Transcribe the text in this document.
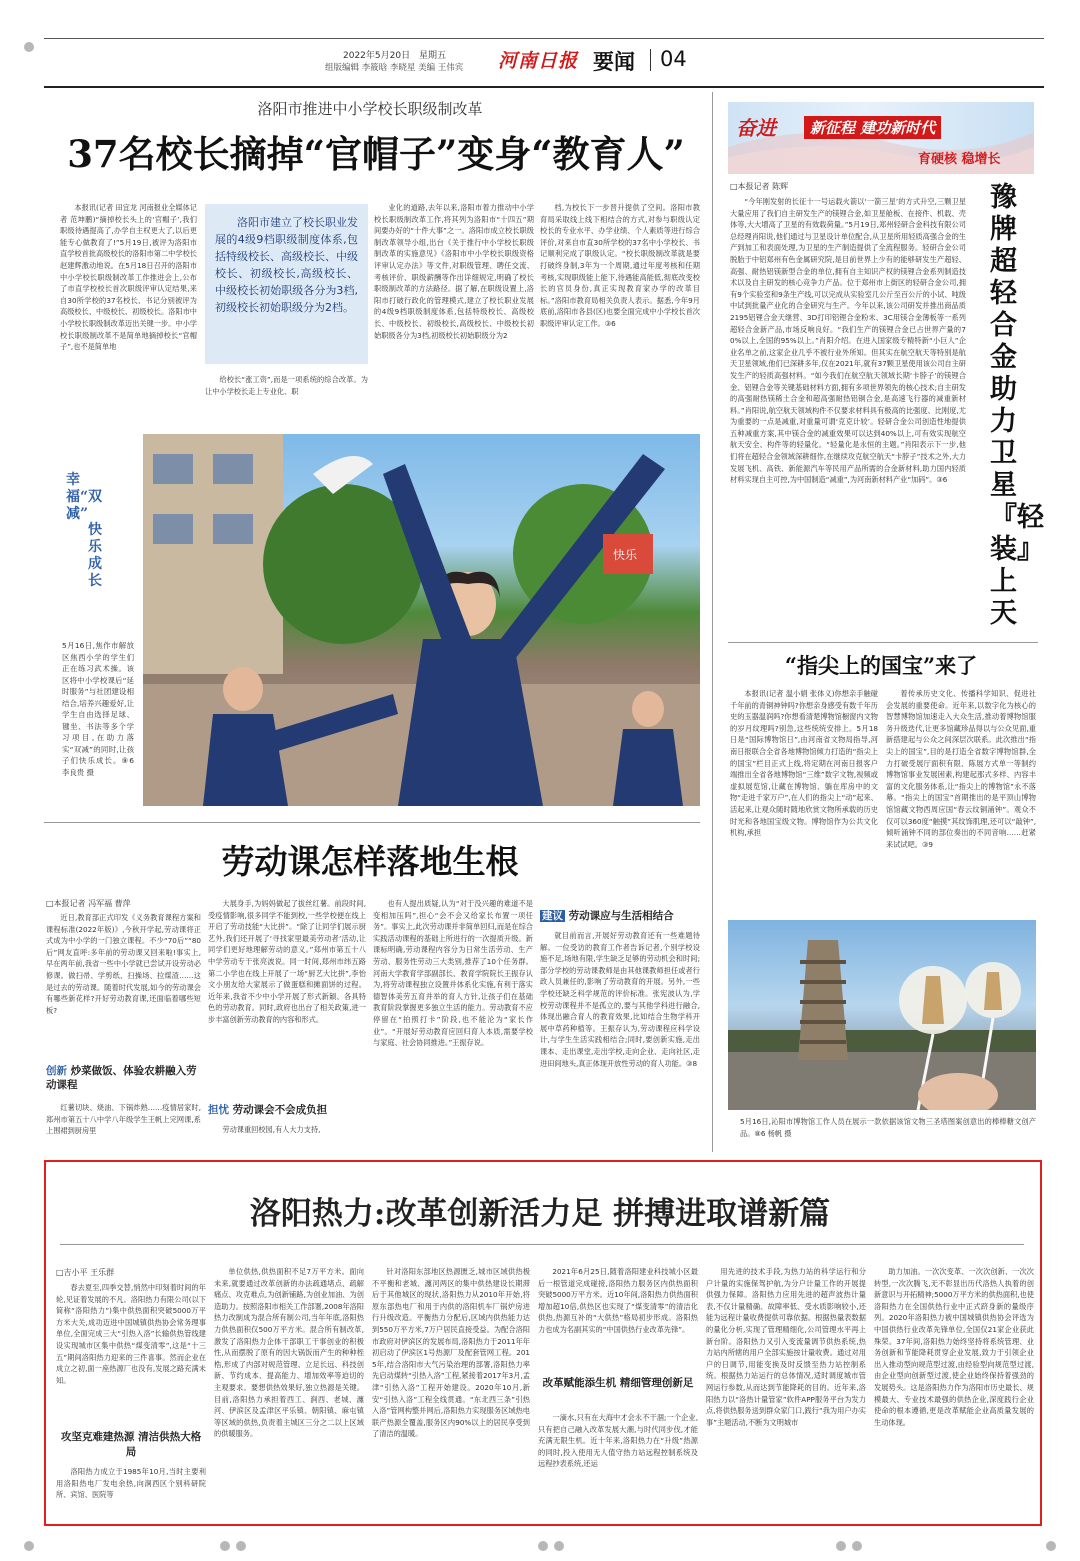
2022年5月20日 星期五
组版编辑 李筱晗 李晓星 美编 王伟宾 河南日报 要闻 04
洛阳市推进中小学校长职级制改革
37名校长摘掉“官帽子”变身“教育人”

本报讯(记者 田宜龙 河南报业全媒体记者 范坤鹏)“摘掉校长头上的‘官帽子’,我们职级待遇提高了,办学自主权更大了,以后更能专心做教育了!”5月19日,被评为洛阳市直学校首批高级校长的洛阳市第二中学校长赵建辉激动地说。在5月18日召开的洛阳市中小学校长职级制改革工作推进会上,公布了市直学校校长首次职级评审认定结果,来自30所学校的37名校长、书记分别被评为高级校长、中级校长、初级校长。洛阳市中小学校长职级制改革迈出关键一步。中小学校长职级制改革不是简单地摘掉校长“官帽子”,也不是简单地

洛阳市建立了校长职业发展的4级9档职级制度体系,包括特级校长、高级校长、中级校长、初级校长,高级校长、中级校长初始职级各分为3档,初级校长初始职级分为2档。

给校长“涨工资”,而是一项系统的综合改革。为让中小学校长走上专业化、职

业化的道路,去年以来,洛阳市着力推动中小学校长职级制改革工作,将其列为洛阳市“十四五”期间要办好的“十件大事”之一。洛阳市成立校长职级制改革领导小组,出台《关于推行中小学校长职级制改革的实施意见》《洛阳市中小学校长职级资格评审认定办法》等文件,对职级管理、聘任交流、考核评价、职级薪酬等作出详细规定,明确了校长职级制改革的方法路径。据了解,在职级设置上,洛阳市打破行政化的管理模式,建立了校长职业发展的4级9档职级制度体系,包括特级校长、高级校长、中级校长、初级校长,高级校长、中级校长初始职级各分为3档,初级校长初始职级分为2

档,为校长下一步晋升提供了空间。洛阳市教育局采取线上线下相结合的方式,对参与职级认定校长的专业水平、办学业绩、个人素质等进行综合评价,对来自市直30所学校的37名中小学校长、书记顺利完成了职级认定。“校长职级制改革就是要打破终身制,3年为一个周期,通过年度考核和任期考核,实现职级能上能下,待遇能高能低,彻底改变校长的官员身份,真正实现教育家办学的改革目标。”洛阳市教育局相关负责人表示。据悉,今年9月底前,洛阳市各县(区)也要全面完成中小学校长首次职级评审认定工作。③6

幸福“双减”
快乐成长
5月16日,焦作市解放区焦西小学的学生们正在练习武术操。该区将中小学校课后“延时服务”与社团建设相结合,培养兴趣爱好,让学生自由选择足球、毽坐、书法等多个学习项目,在助力落实“双减”的同时,让孩子们快乐成长。⑨6 李良贵 摄
快乐
劳动课怎样落地生根
□本报记者 冯军福 曹萍

近日,教育部正式印发《义务教育课程方案和课程标准(2022年版)》,今秋开学起,劳动课将正式成为中小学的一门独立课程。不少“70后”“80后”网友直呼:多年前的劳动课又回来啦!事实上,早在两年前,我省一些中小学就已尝试开设劳动必修课。做扫帚、学剪纸、扫操场、拉煤渣……这是过去的劳动课。随着时代发展,如今的劳动课会有哪些新花样?开好劳动教育课,还面临着哪些短板?

创新 炒菜做饭、体验农耕融入劳动课程

红薯切块、烧油、下锅炸熟……疫情居家时,郑州市第五十八中学八年级学生王帆上完网课,系上围裙到厨房里

大展身手,为妈妈做起了拔丝红薯。前段时间,受疫情影响,很多同学不能到校,一些学校便在线上开启了劳动技能“大比拼”。“除了让同学们展示厨艺外,我们还开展了‘寻找家里最美劳动者’活动,让同学们更好地理解劳动的意义。”郑州市第五十八中学劳动专干张亮波说。同一时间,郑州市纬五路第二小学也在线上开展了一场“厨艺大比拼”,李怡文小朋友给大家展示了做蛋糕和摊面饼的过程。近年来,我省不少中小学开展了形式新颖、各具特色的劳动教育。同时,政府也出台了相关政策,进一步丰富创新劳动教育的内容和形式。

担忧 劳动课会不会成负担

劳动课重回校园,有人大力支持,

也有人提出质疑,认为“对于没兴趣的难道不是变相加压吗”,担心“会不会又给家长布置一项任务”。事实上,此次劳动课并非简单回归,而是在综合实践活动课程的基础上所进行的一次提质升级。新课标明确,劳动课程内容分为日常生活劳动、生产劳动、服务性劳动三大类别,推荐了10个任务群。河南大学教育学部副部长、教育学院院长王振存认为,将劳动课程独立设置并体系化实施,有利于落实德智体美劳五育并举的育人方针,让孩子们在基础教育阶段掌握更多独立生活的能力。劳动教育不应停留在“拍照打卡”阶段,也不能沦为“家长作业”。“开展好劳动教育应回归育人本质,需要学校与家庭、社会协同推进。”王振存说。

建议 劳动课应与生活相结合

就目前而言,开展好劳动教育还有一些难题待解。一位受访的教育工作者告诉记者,个别学校设施不足,场地有限,学生缺乏足够的劳动机会和时间;部分学校的劳动课教师是由其他课教师担任或者行政人员兼任的,影响了劳动教育的开展。另外,一些学校还缺乏科学规范的评价标准。张宪波认为,学校劳动课程并不是孤立的,要与其他学科进行融合,体现出融合育人的教育效果,比如结合生物学科开展中草药种植等。王振存认为,劳动课程应科学设计,与学生生活实践相结合;同时,要创新实施,走出课本、走出课堂,走出学校,走向企业、走向社区,走进田间地头,真正体现开放性劳动的育人功能。③8

奋进	新征程 建功新时代
育硬核 稳增长
□本报记者 陈辉

“今年刚发射的长征十一号运载火箭以‘一箭三星’的方式升空,三颗卫星大量应用了我们自主研发生产的镁锂合金,如卫星舱板、在接件、机载、壳体等,大大增高了卫星的有效载荷量。”5月19日,郑州轻研合金科技有限公司总经理肖阳说,他们通过与卫星设计单位配合,从卫星所用轻质高强合金的生产到加工和表面处理,为卫星的生产制造提供了全流程服务。轻研合金公司脱胎于中铝郑州有色金属研究院,是目前世界上少有的能够研发生产超轻、高强、耐热铝镁新型合金的单位,拥有自主知识产权的镁锂合金系列制造技术以及自主研发的核心竞争力产品。位于郑州市上街区的轻研合金公司,拥有9个实验室和9条生产线,可以完成从实验室几公斤至百公斤的小试、吨级中试到批量产业化的合金研究与生产。今年以来,该公司研发并推出商品质2195铝锂合金天继营、3D打印铝锂合金粉末、3C用镁合金薄板等一系列超轻合金新产品,市场反响良好。“我们生产的镁锂合金已占世界产量的70%以上,全国的95%以上。”肖阳介绍。在进入国家级专精特新“小巨人”企业名单之前,这家企业几乎不被行业外所知。但其实在航空航天等特别是航天卫星领域,他们已深耕多年,仅在2021年,就有37颗卫星使用该公司自主研发生产的轻质高强材料。“如今我们在航空航天领域长期‘卡脖子’的镁锂合金、铝锂合金等关键基础材料方面,拥有多项世界领先的核心技术;自主研发的高强耐热镁稀土合金和超高强耐热铝铜合金,是高速飞行器的减重新材料。”肖阳说,航空航天领域构件不仅要求材料具有极高的比强度、比刚度,尤为重要的一点是减重,对重量可谓‘克克计较’。轻研合金公司创造性地提供五种减重方案,其中镁合金的减重效果可以达到40%以上,可有效实现航空航天安全、构件等的轻量化。“轻量化是永恒的主题。”肖阳表示下一步,他们将在超轻合金领域深耕细作,在继续攻克航空航天“卡脖子”技术之外,大力发展飞机、高铁、新能源汽车等民用产品所需的合金新材料,助力国内轻质材料实现自主可控,为中国制造“减重”,为河南新材料产业“加码”。③6

豫牌超轻合金助力卫星『轻装』上天
“指尖上的国宝”来了

本报讯(记者 温小娟 张体义)你想亲手触碰千年前的青铜神钟吗?你想亲身感受有数千年历史的玉器温润吗?你想看清楚博物馆橱窗内文物的岁月纹理吗?别急,这些统统安排上。5月18日是“国际博物馆日”,由河南省文物局指导,河南日报联合全省各地博物馆倾力打造的“指尖上的国宝”栏目正式上线,将定期在河南日报客户端推出全省各地博物馆“三维”数字文物,视频或虚拟展览馆,让藏在博物馆、躺在库房中的文物“走进千家万户”,在人们的指尖上“动”起来、活起来,让观众随时随地欣赏文物所承载的历史时光和各地国宝级文物。博物馆作为公共文化机构,承担

着传承历史文化、传播科学知识、促进社会发展的重要使命。近年来,以数字化为核心的智慧博物馆加速走入大众生活,推动着博物馆服务升级迭代,让更多馆藏珍品得以与公众见面,重新搭建起与公众之间深层次联系。此次推出“指尖上的国宝”,目的是打造全省数字博物馆群,全力打破受展厅面积有限、陈展方式单一等制约博物馆事业发展困素,构建起那式多样、内容丰富的文化服务体系,让“指尖上的博物馆”永不落幕。“指尖上的国宝”首期推出的是平顶山博物馆馆藏文物西周应国“春云纹铜涌钟”。观众不仅可以360度“触摸”其纹饰肌理,还可以“敲钟”,倾听涌钟不同的部位奏出的不同音响……赶紧来试试吧。③9

5月16日,沁阳市博物馆工作人员在展示一款依据该馆文物三圣塔图案创意出的棒棒糖文创产品。⑧6 杨帆 摄
洛阳热力:改革创新活力足 拼搏进取谱新篇
□吉小平 王乐群

春去夏至,四季交替,悄然中印刻着时间的年轮,见证着发展的不凡。洛阳热力有限公司(以下简称“洛阳热力”)集中供热面积突破5000万平方米大关,成功迈进中国城镇供热协会常务理事单位,全面完成三大“引热入洛”长输供热管线建设实现城市区集中供热“煤变清零”,这是“十三五”期间洛阳热力迎来的三件喜事。然而企业在成立之初,面一座热源厂也没有,发展之路充满未知。

攻坚克难建热源 清洁供热大格局

洛阳热力成立于1985年10月,当时主要利用洛阳热电厂发电余热,向涧西区个别科研院所、宾馆、医院等

单位供热,供热面积不足7万平方米。面向未来,就要通过改革创新的办法疏通堵点、疏解痛点、攻克难点,为创新铺路,为创业加油、为创造助力。按照洛阳市相关工作部署,2008年洛阳热力改制成为混合所有制公司,当年年底,洛阳热力供热面积仅500万平方米。混合所有制改革,激发了洛阳热力企体干部职工干事创业的积极性,从而摆脱了原有的因大锅饭而产生的种种桎梏,形成了内部对规范管理、立足长远、科技创新、节约成本、提高能力、增加效率等迫切的主观要求。要想供热效果好,独立热源是关键。目前,洛阳热力承担着西工、涧西、老城、瀍河、伊滨区及孟津区平乐镇、朝阳镇、麻屯镇等区域的供热,负责着主城区三分之二以上区域的供暖服务。

针对洛阳东部地区热源匮乏,城市区域供热极不平衡和老城、瀍河两区的集中供热建设长期滞后于其他城区的现状,洛阳热力从2010年开始,将原东部热电厂和用于内供的洛阳机车厂锅炉房进行升级改造。平衡热力分配后,区域内供热能力达到550万平方米,7万户居民直接受益。为配合洛阳市政府对伊滨区的发展布局,洛阳热力于2011年年初启动了伊滨区1号热源厂及配套管网工程。2015年,结合洛阳市大气污染治理的部署,洛阳热力率先启动煤转“引热入洛”工程,紧接着2017年3月,孟津“引热入洛”工程开始建设。2020年10月,新安“引热入洛”工程全线贯通。“东北西三条”引热入洛”管网构整并网后,洛阳热力实现服务区域热电联产热源全覆盖,服务区内90%以上的居民享受到了清洁的温暖。

2021年6月25日,随着洛阳建业科技城小区最后一根管道完成碰接,洛阳热力服务区内供热面积突破5000万平方米。近10年间,洛阳热力供热面积增加超10倍,供热区也实现了“煤变清零”的清洁化供热,热源互补的“大供热”格局初步形成。洛阳热力也成为名副其实的“中国供热行业改革先锋”。

改革赋能添生机 精细管理创新足

一滴水,只有在大海中才会永不干涸;一个企业,只有把自己融入改革发展大潮,与时代同步伐,才能充满无限生机。近十年来,洛阳热力在“升级”热源的同时,投入使用无人值守热力站远程控制系统及远程抄表系统,还运

用先进的技术手段,为热力站的科学运行和分户计量的实施保驾护航,为分户计量工作的开展提供强力保障。洛阳热力应用先进的超声波热计量表,不仅计量精确、故障率低、受水质影响较小,还能为远程计量收费提供可靠依据。根据热量表数据的量化分析,实现了管理精细化,公司管理水平再上新台阶。洛阳热力又引入变流量调节供热系统,热力站内所辖的用户全部实施按计量收费。通过对用户的日调节,用能变换及时反馈至热力站控制系统。根据热力站运行的总体情况,适时调度城市管网运行参数,从而达到节能降耗的目的。近年来,洛阳热力以“洛热计量管家”软件APP服务平台为发力点,将供热服务送到群众家门口,践行“我为用户办实事”主题活动,不断为文明城市

助力加油。一次次变革、一次次创新、一次次转型,一次次腾飞,无不彰显出历代洛热人执着的创新意识与开拓精神;5000万平方米的供热面积,也使洛阳热力在全国供热行业中正式跻身新的量级序列。2020年洛阳热力被中国城镇供热协会评选为中国供热行业改革先锋单位,全国仅21家企业获此殊荣。37年间,洛阳热力始终坚持将系统管理、业务创新和节能降耗贯穿企业发展,致力于引领企业出入推动型向规范型过渡,由经验型向规范型过渡,由企业型向创新型过渡,使企业始终保持着强劲的发展势头。这是洛阳热力作为洛阳市历史最长、规模最大、专业技术最强的供热企业,深度践行企业使命的根本遵循,更是改革赋能企业高质量发展的生动体现。
